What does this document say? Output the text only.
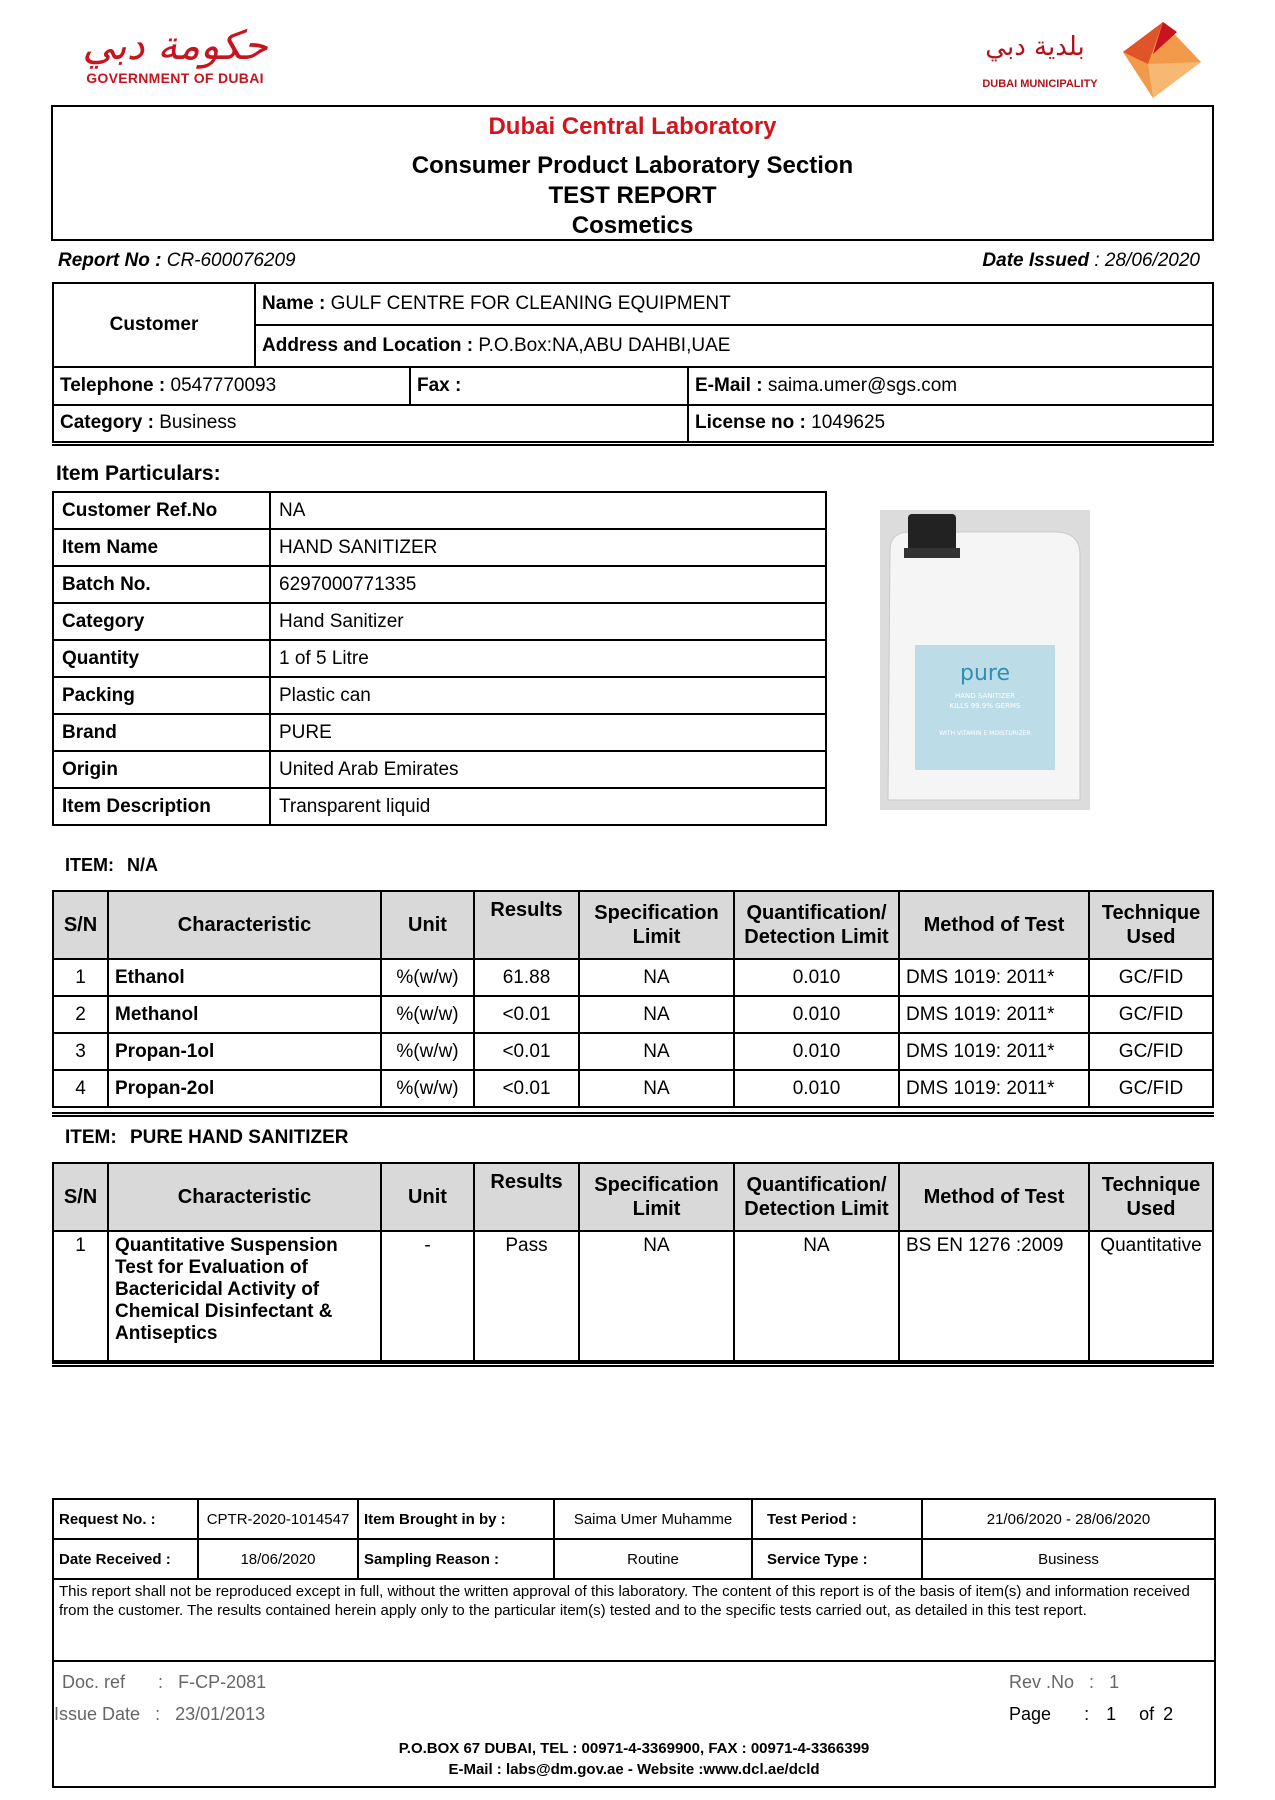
حكومة دبي
GOVERNMENT OF DUBAI
بلدية دبي
DUBAI MUNICIPALITY
Dubai Central Laboratory
Consumer Product Laboratory Section
TEST REPORT
Cosmetics
Report No : CR-600076209	Date Issued : 28/06/2020
Customer	Name : GULF CENTRE FOR CLEANING EQUIPMENT		
	Address and Location : P.O.Box:NA,ABU DAHBI,UAE		
Telephone : 0547770093		Fax :	E-Mail : saima.umer@sgs.com
Category : Business			License no : 1049625
Item Particulars:
Customer Ref.No	NA
Item Name	HAND SANITIZER
Batch No.	6297000771335
Category	Hand Sanitizer
Quantity	1 of 5 Litre
Packing	Plastic can
Brand	PURE
Origin	United Arab Emirates
Item Description	Transparent liquid
pure
HAND SANITIZER
KILLS 99.9% GERMS
WITH VITAMIN E MOISTURIZER
ITEM: N/A
S/N	Characteristic	Unit	Results	Specification Limit	Quantification/ Detection Limit	Method of Test	Technique Used
1	Ethanol	%(w/w)	61.88	NA	0.010	DMS 1019: 2011*	GC/FID
2	Methanol	%(w/w)	<0.01	NA	0.010	DMS 1019: 2011*	GC/FID
3	Propan-1ol	%(w/w)	<0.01	NA	0.010	DMS 1019: 2011*	GC/FID
4	Propan-2ol	%(w/w)	<0.01	NA	0.010	DMS 1019: 2011*	GC/FID
ITEM: PURE HAND SANITIZER
S/N	Characteristic	Unit	Results	Specification Limit	Quantification/ Detection Limit	Method of Test	Technique Used
1	Quantitative Suspension Test for Evaluation of Bactericidal Activity of Chemical Disinfectant & Antiseptics	-	Pass	NA	NA	BS EN 1276 :2009	Quantitative
Request No. :	CPTR-2020-1014547	Item Brought in by :	Saima Umer Muhamme	Test Period :	21/06/2020 - 28/06/2020
Date Received :	18/06/2020	Sampling Reason :	Routine	Service Type :	Business
This report shall not be reproduced except in full, without the written approval of this laboratory. The content of this report is of the basis of item(s) and information received from the customer. The results contained herein apply only to the particular item(s) tested and to the specific tests carried out, as detailed in this test report.					
Doc. ref : F-CP-2081
Issue Date : 23/01/2013
Rev .No : 1
Page : 1 of 2
P.O.BOX 67 DUBAI, TEL : 00971-4-3369900, FAX : 00971-4-3366399
E-Mail : labs@dm.gov.ae - Website :www.dcl.ae/dcld
